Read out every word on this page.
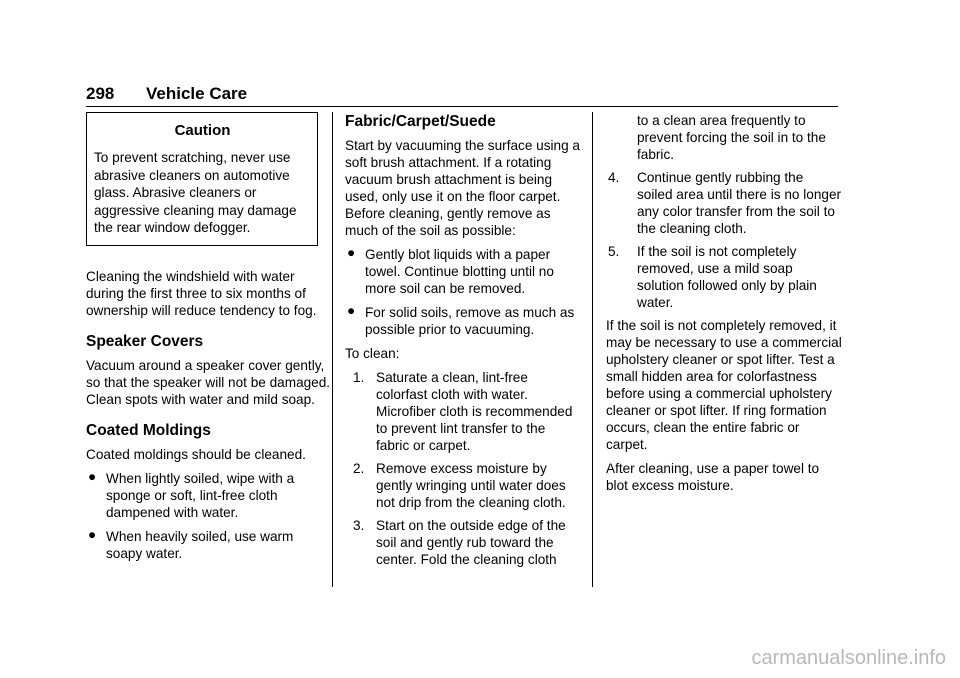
298 Vehicle Care
Caution
To prevent scratching, never use abrasive cleaners on automotive glass. Abrasive cleaners or aggressive cleaning may damage the rear window defogger.

Cleaning the windshield with water during the first three to six months of ownership will reduce tendency to fog.

Speaker Covers

Vacuum around a speaker cover gently, so that the speaker will not be damaged. Clean spots with water and mild soap.

Coated Moldings

Coated moldings should be cleaned.

● When lightly soiled, wipe with a sponge or soft, lint-free cloth dampened with water.
● When heavily soiled, use warm soapy water.
Fabric/Carpet/Suede

Start by vacuuming the surface using a soft brush attachment. If a rotating vacuum brush attachment is being used, only use it on the floor carpet. Before cleaning, gently remove as much of the soil as possible:

● Gently blot liquids with a paper towel. Continue blotting until no more soil can be removed.
● For solid soils, remove as much as possible prior to vacuuming.

To clean:

1. Saturate a clean, lint-free colorfast cloth with water. Microfiber cloth is recommended to prevent lint transfer to the fabric or carpet.
2. Remove excess moisture by gently wringing until water does not drip from the cleaning cloth.
3. Start on the outside edge of the soil and gently rub toward the center. Fold the cleaning cloth
to a clean area frequently to prevent forcing the soil in to the fabric.
4. Continue gently rubbing the soiled area until there is no longer any color transfer from the soil to the cleaning cloth.
5. If the soil is not completely removed, use a mild soap solution followed only by plain water.

If the soil is not completely removed, it may be necessary to use a commercial upholstery cleaner or spot lifter. Test a small hidden area for colorfastness before using a commercial upholstery cleaner or spot lifter. If ring formation occurs, clean the entire fabric or carpet.

After cleaning, use a paper towel to blot excess moisture.

carmanualsonline.info
